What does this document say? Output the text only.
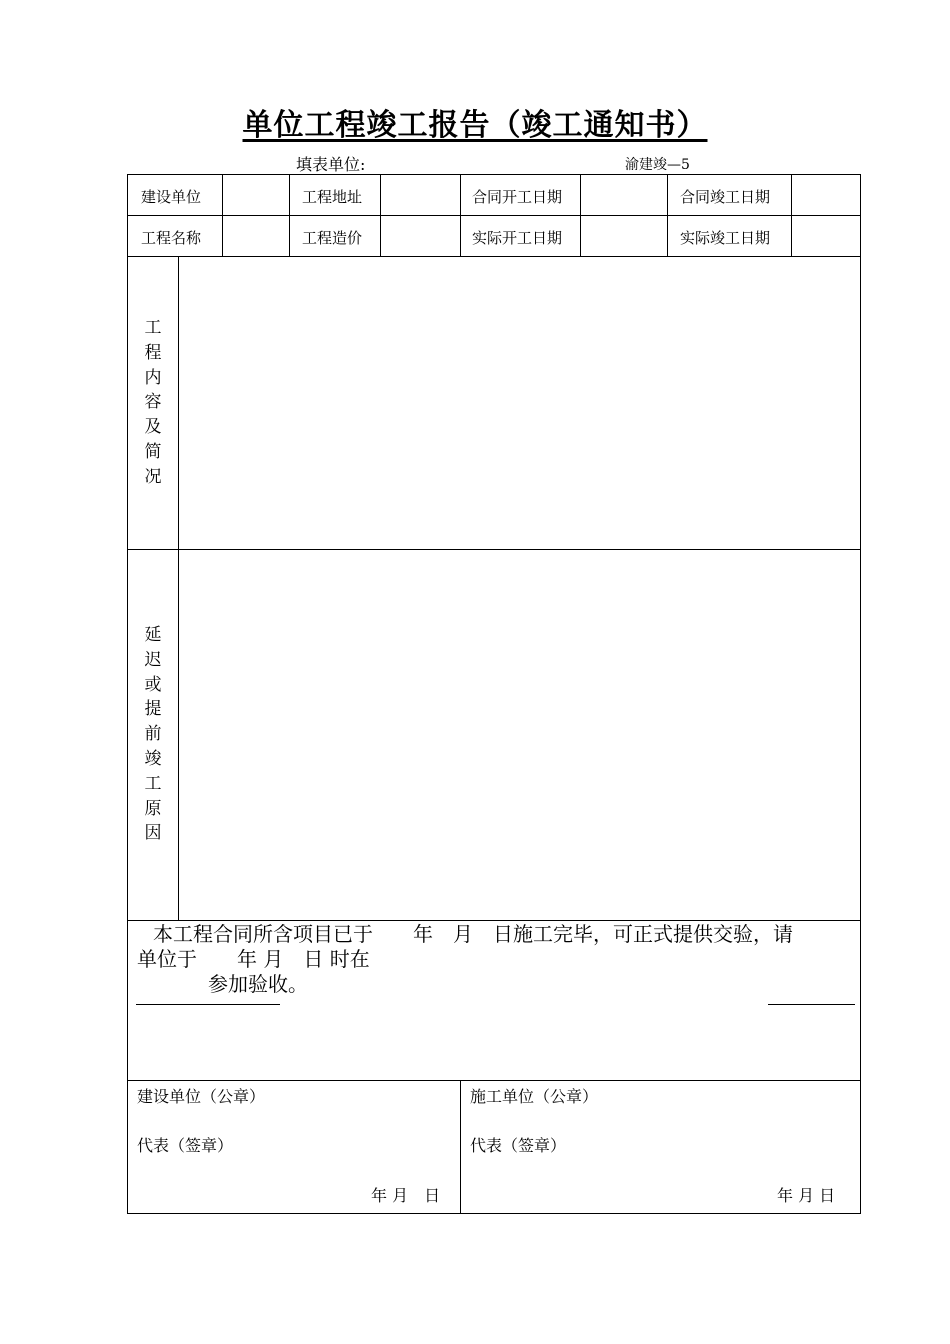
单位工程竣工报告（竣工通知书）
填表单位:	渝建竣—5
建设单位	工程地址	合同开工日期	合同竣工日期
工程名称	工程造价	实际开工日期	实际竣工日期
工程内容及简况
延迟或提前竣工原因
本工程合同所含项目已于　　年　月　日施工完毕，可正式提供交验，请
单位于　　年 月　日 时在
参加验收。
建设单位（公章）
代表（签章）
年 月　日
施工单位（公章）
代表（签章）
年 月 日
